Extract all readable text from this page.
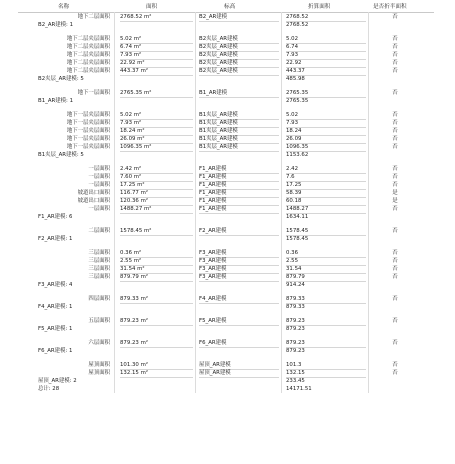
名称	面积	标高	折算面积	是否折半面积
地下二层面积 2768.52 m²	B2_AR建模	2768.52	否
B2_AR建模: 1	2768.52
地下二层夹层面积 5.02 m²	B2夹层_AR建模	5.02	否
地下二层夹层面积 6.74 m²	B2夹层_AR建模	6.74	否
地下二层夹层面积 7.93 m²	B2夹层_AR建模	7.93	否
地下二层夹层面积 22.92 m²	B2夹层_AR建模	22.92	否
地下二层夹层面积 443.37 m²	B2夹层_AR建模	443.37	否
B2夹层_AR建模: 5	485.98
地下一层面积 2765.35 m²	B1_AR建模	2765.35	否
B1_AR建模: 1	2765.35
地下一层夹层面积 5.02 m²	B1夹层_AR建模	5.02	否
地下一层夹层面积 7.93 m²	B1夹层_AR建模	7.93	否
地下一层夹层面积 18.24 m²	B1夹层_AR建模	18.24	否
地下一层夹层面积 26.09 m²	B1夹层_AR建模	26.09	否
地下一层夹层面积 1096.35 m²	B1夹层_AR建模	1096.35	否
B1夹层_AR建模: 5	1153.62
一层面积 2.42 m²	F1_AR建模	2.42	否
一层面积 7.60 m²	F1_AR建模	7.6	否
一层面积 17.25 m²	F1_AR建模	17.25	否
坡道出口面积 116.77 m²	F1_AR建模	58.39	是
坡道出口面积 120.36 m²	F1_AR建模	60.18	是
一层面积 1488.27 m²	F1_AR建模	1488.27	否
F1_AR建模: 6	1634.11
二层面积 1578.45 m²	F2_AR建模	1578.45	否
F2_AR建模: 1	1578.45
三层面积 0.36 m²	F3_AR建模	0.36	否
三层面积 2.55 m²	F3_AR建模	2.55	否
三层面积 31.54 m²	F3_AR建模	31.54	否
三层面积 879.79 m²	F3_AR建模	879.79	否
F3_AR建模: 4	914.24
四层面积 879.33 m²	F4_AR建模	879.33	否
F4_AR建模: 1	879.33
五层面积 879.23 m²	F5_AR建模	879.23	否
F5_AR建模: 1	879.23
六层面积 879.23 m²	F6_AR建模	879.23	否
F6_AR建模: 1	879.23
屋顶面积 101.30 m²	屋顶_AR建模	101.3	否
屋顶面积 132.15 m²	屋顶_AR建模	132.15	否
屋顶_AR建模: 2	233.45
总计: 28	14171.51
